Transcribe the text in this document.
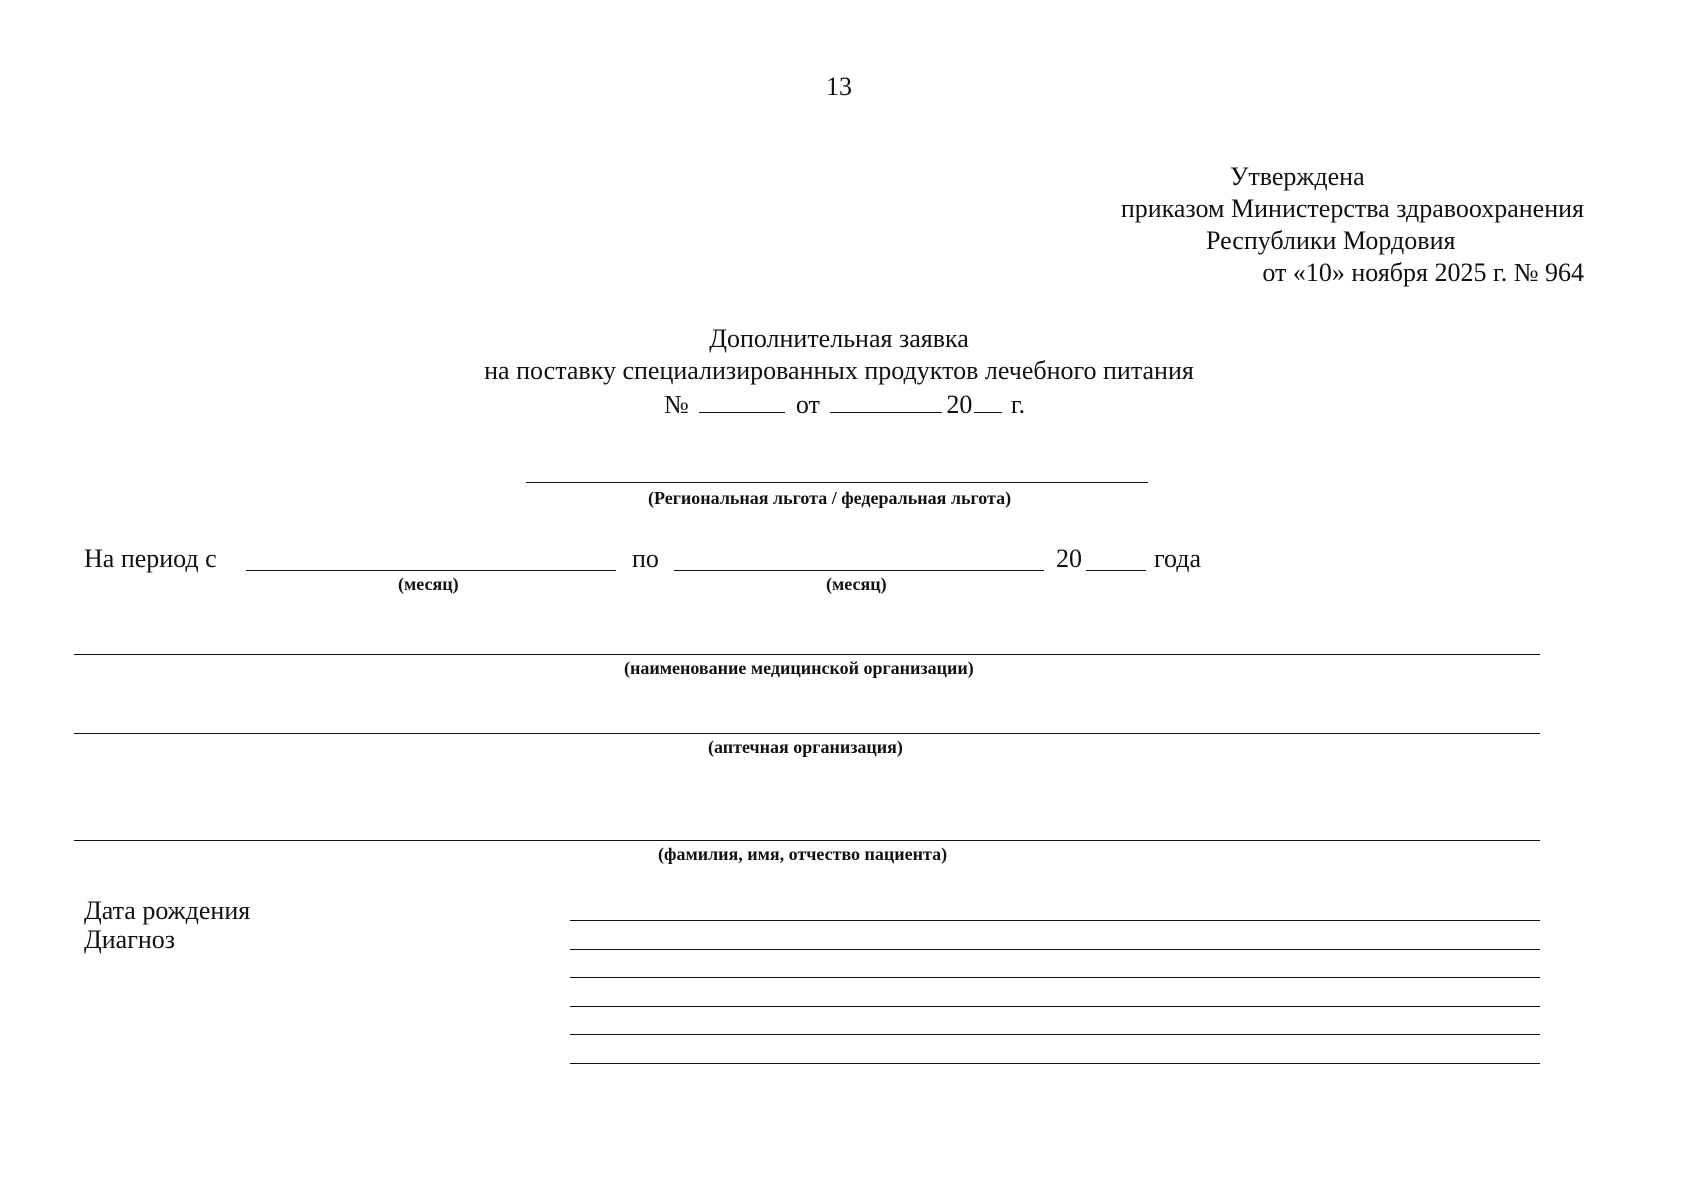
13
Утверждена
приказом Министерства здравоохранения
Республики Мордовия
от «10» ноября 2025 г. № 964
Дополнительная заявка
на поставку специализированных продуктов лечебного питания
№	от	20 г.
(Региональная льгота / федеральная льгота)
На период с	по	20	года
(месяц)	(месяц)
(наименование медицинской организации)
(аптечная организация)
(фамилия, имя, отчество пациента)
Дата рождения
Диагноз
